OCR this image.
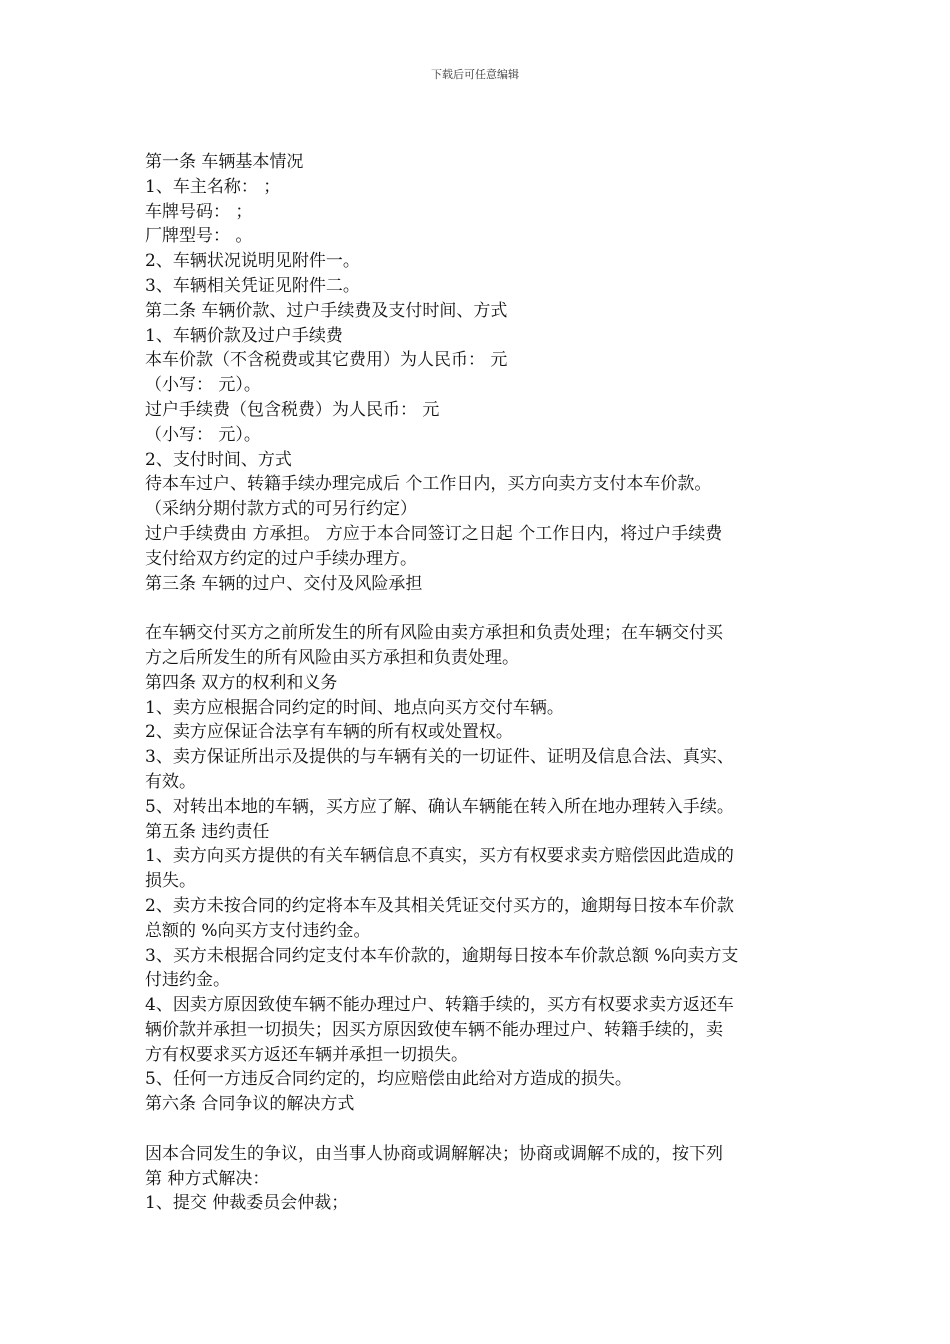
下载后可任意编辑
第一条 车辆基本情况
1、车主名称： ；
车牌号码： ；
厂牌型号： 。
2、车辆状况说明见附件一。
3、车辆相关凭证见附件二。
第二条 车辆价款、过户手续费及支付时间、方式
1、车辆价款及过户手续费
本车价款（不含税费或其它费用）为人民币： 元
（小写： 元）。
过户手续费（包含税费）为人民币： 元
（小写： 元）。
2、支付时间、方式
待本车过户、转籍手续办理完成后 个工作日内，买方向卖方支付本车价款。
（采纳分期付款方式的可另行约定）
过户手续费由 方承担。 方应于本合同签订之日起 个工作日内，将过户手续费
支付给双方约定的过户手续办理方。
第三条 车辆的过户、交付及风险承担
在车辆交付买方之前所发生的所有风险由卖方承担和负责处理；在车辆交付买
方之后所发生的所有风险由买方承担和负责处理。
第四条 双方的权利和义务
1、卖方应根据合同约定的时间、地点向买方交付车辆。
2、卖方应保证合法享有车辆的所有权或处置权。
3、卖方保证所出示及提供的与车辆有关的一切证件、证明及信息合法、真实、
有效。
5、对转出本地的车辆，买方应了解、确认车辆能在转入所在地办理转入手续。
第五条 违约责任
1、卖方向买方提供的有关车辆信息不真实，买方有权要求卖方赔偿因此造成的
损失。
2、卖方未按合同的约定将本车及其相关凭证交付买方的，逾期每日按本车价款
总额的 %向买方支付违约金。
3、买方未根据合同约定支付本车价款的，逾期每日按本车价款总额 %向卖方支
付违约金。
4、因卖方原因致使车辆不能办理过户、转籍手续的，买方有权要求卖方返还车
辆价款并承担一切损失；因买方原因致使车辆不能办理过户、转籍手续的，卖
方有权要求买方返还车辆并承担一切损失。
5、任何一方违反合同约定的，均应赔偿由此给对方造成的损失。
第六条 合同争议的解决方式
因本合同发生的争议，由当事人协商或调解解决；协商或调解不成的，按下列
第 种方式解决：
1、提交 仲裁委员会仲裁；
